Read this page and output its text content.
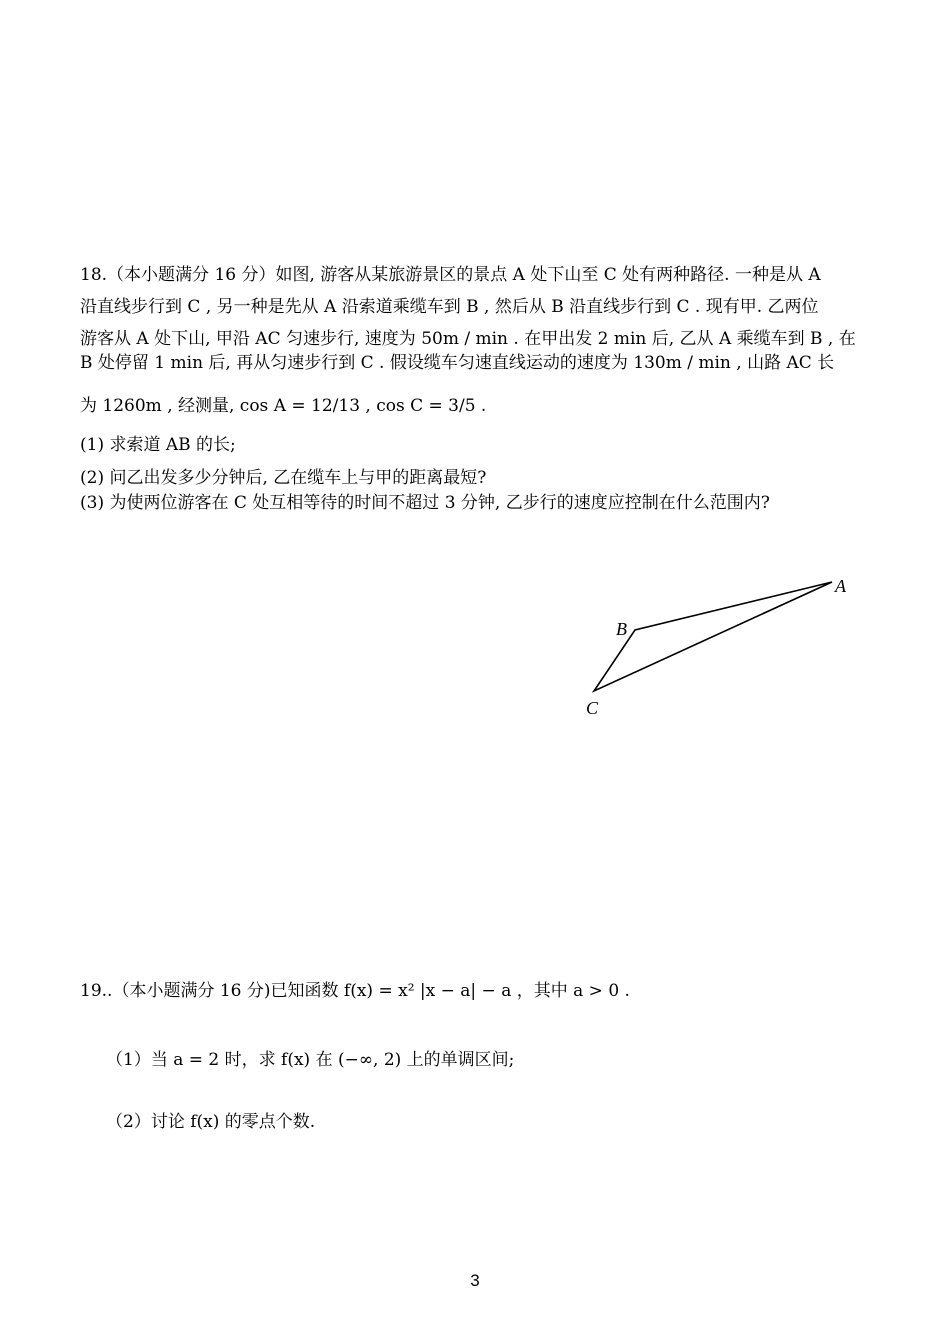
18.（本小题满分 16 分）如图, 游客从某旅游景区的景点 A 处下山至 C 处有两种路径. 一种是从 A
沿直线步行到 C , 另一种是先从 A 沿索道乘缆车到 B , 然后从 B 沿直线步行到 C . 现有甲. 乙两位
游客从 A 处下山, 甲沿 AC 匀速步行, 速度为 50m / min . 在甲出发 2 min 后, 乙从 A 乘缆车到 B , 在
B 处停留 1 min 后, 再从匀速步行到 C . 假设缆车匀速直线运动的速度为 130m / min , 山路 AC 长
为 1260m , 经测量, cos A = 12/13 , cos C = 3/5 .
(1) 求索道 AB 的长;
(2) 问乙出发多少分钟后, 乙在缆车上与甲的距离最短?
(3) 为使两位游客在 C 处互相等待的时间不超过 3 分钟, 乙步行的速度应控制在什么范围内?
A
B
C
19..（本小题满分 16 分)已知函数 f(x) = x² |x − a| − a ，其中 a > 0 .
（1）当 a = 2 时，求 f(x) 在 (−∞, 2) 上的单调区间;
（2）讨论 f(x) 的零点个数.
3
